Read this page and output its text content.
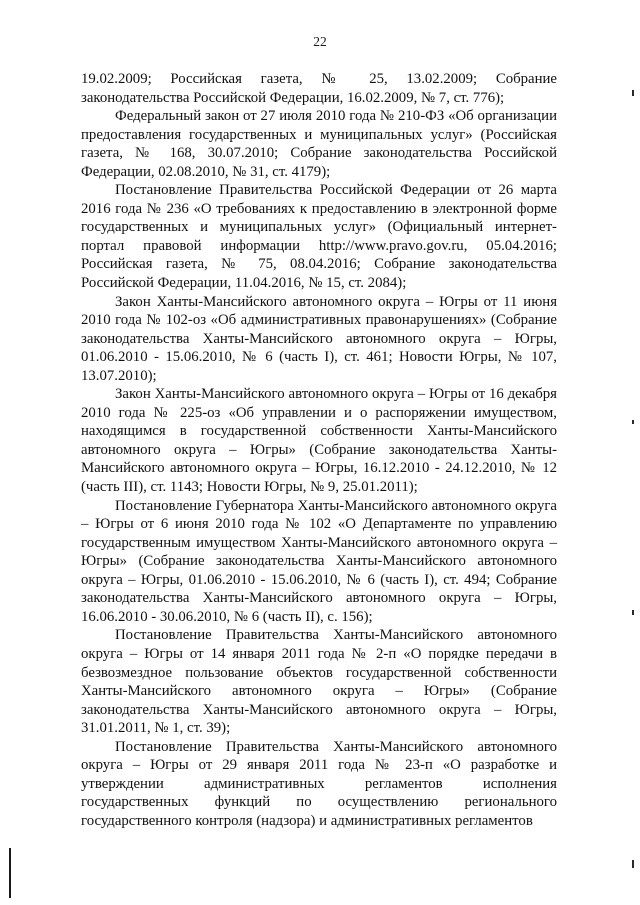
22

19.02.2009; Российская газета, № 25, 13.02.2009; Собрание законодательства Российской Федерации, 16.02.2009, № 7, ст. 776);

Федеральный закон от 27 июля 2010 года № 210-ФЗ «Об организации предоставления государственных и муниципальных услуг» (Российская газета, № 168, 30.07.2010; Собрание законодательства Российской Федерации, 02.08.2010, № 31, ст. 4179);

Постановление Правительства Российской Федерации от 26 марта 2016 года № 236 «О требованиях к предоставлению в электронной форме государственных и муниципальных услуг» (Официальный интернет-портал правовой информации http://www.pravo.gov.ru, 05.04.2016; Российская газета, № 75, 08.04.2016; Собрание законодательства Российской Федерации, 11.04.2016, № 15, ст. 2084);

Закон Ханты-Мансийского автономного округа – Югры от 11 июня 2010 года № 102-оз «Об административных правонарушениях» (Собрание законодательства Ханты-Мансийского автономного округа – Югры, 01.06.2010 - 15.06.2010, № 6 (часть I), ст. 461; Новости Югры, № 107, 13.07.2010);

Закон Ханты-Мансийского автономного округа – Югры от 16 декабря 2010 года № 225-оз «Об управлении и о распоряжении имуществом, находящимся в государственной собственности Ханты-Мансийского автономного округа – Югры» (Собрание законодательства Ханты-Мансийского автономного округа – Югры, 16.12.2010 - 24.12.2010, № 12 (часть III), ст. 1143; Новости Югры, № 9, 25.01.2011);

Постановление Губернатора Ханты-Мансийского автономного округа – Югры от 6 июня 2010 года № 102 «О Департаменте по управлению государственным имуществом Ханты-Мансийского автономного округа – Югры» (Собрание законодательства Ханты-Мансийского автономного округа – Югры, 01.06.2010 - 15.06.2010, № 6 (часть I), ст. 494; Собрание законодательства Ханты-Мансийского автономного округа – Югры, 16.06.2010 - 30.06.2010, № 6 (часть II), с. 156);

Постановление Правительства Ханты-Мансийского автономного округа – Югры от 14 января 2011 года № 2-п «О порядке передачи в безвозмездное пользование объектов государственной собственности Ханты-Мансийского автономного округа – Югры» (Собрание законодательства Ханты-Мансийского автономного округа – Югры, 31.01.2011, № 1, ст. 39);

Постановление Правительства Ханты-Мансийского автономного округа – Югры от 29 января 2011 года № 23-п «О разработке и утверждении административных регламентов исполнения государственных функций по осуществлению регионального государственного контроля (надзора) и административных регламентов
